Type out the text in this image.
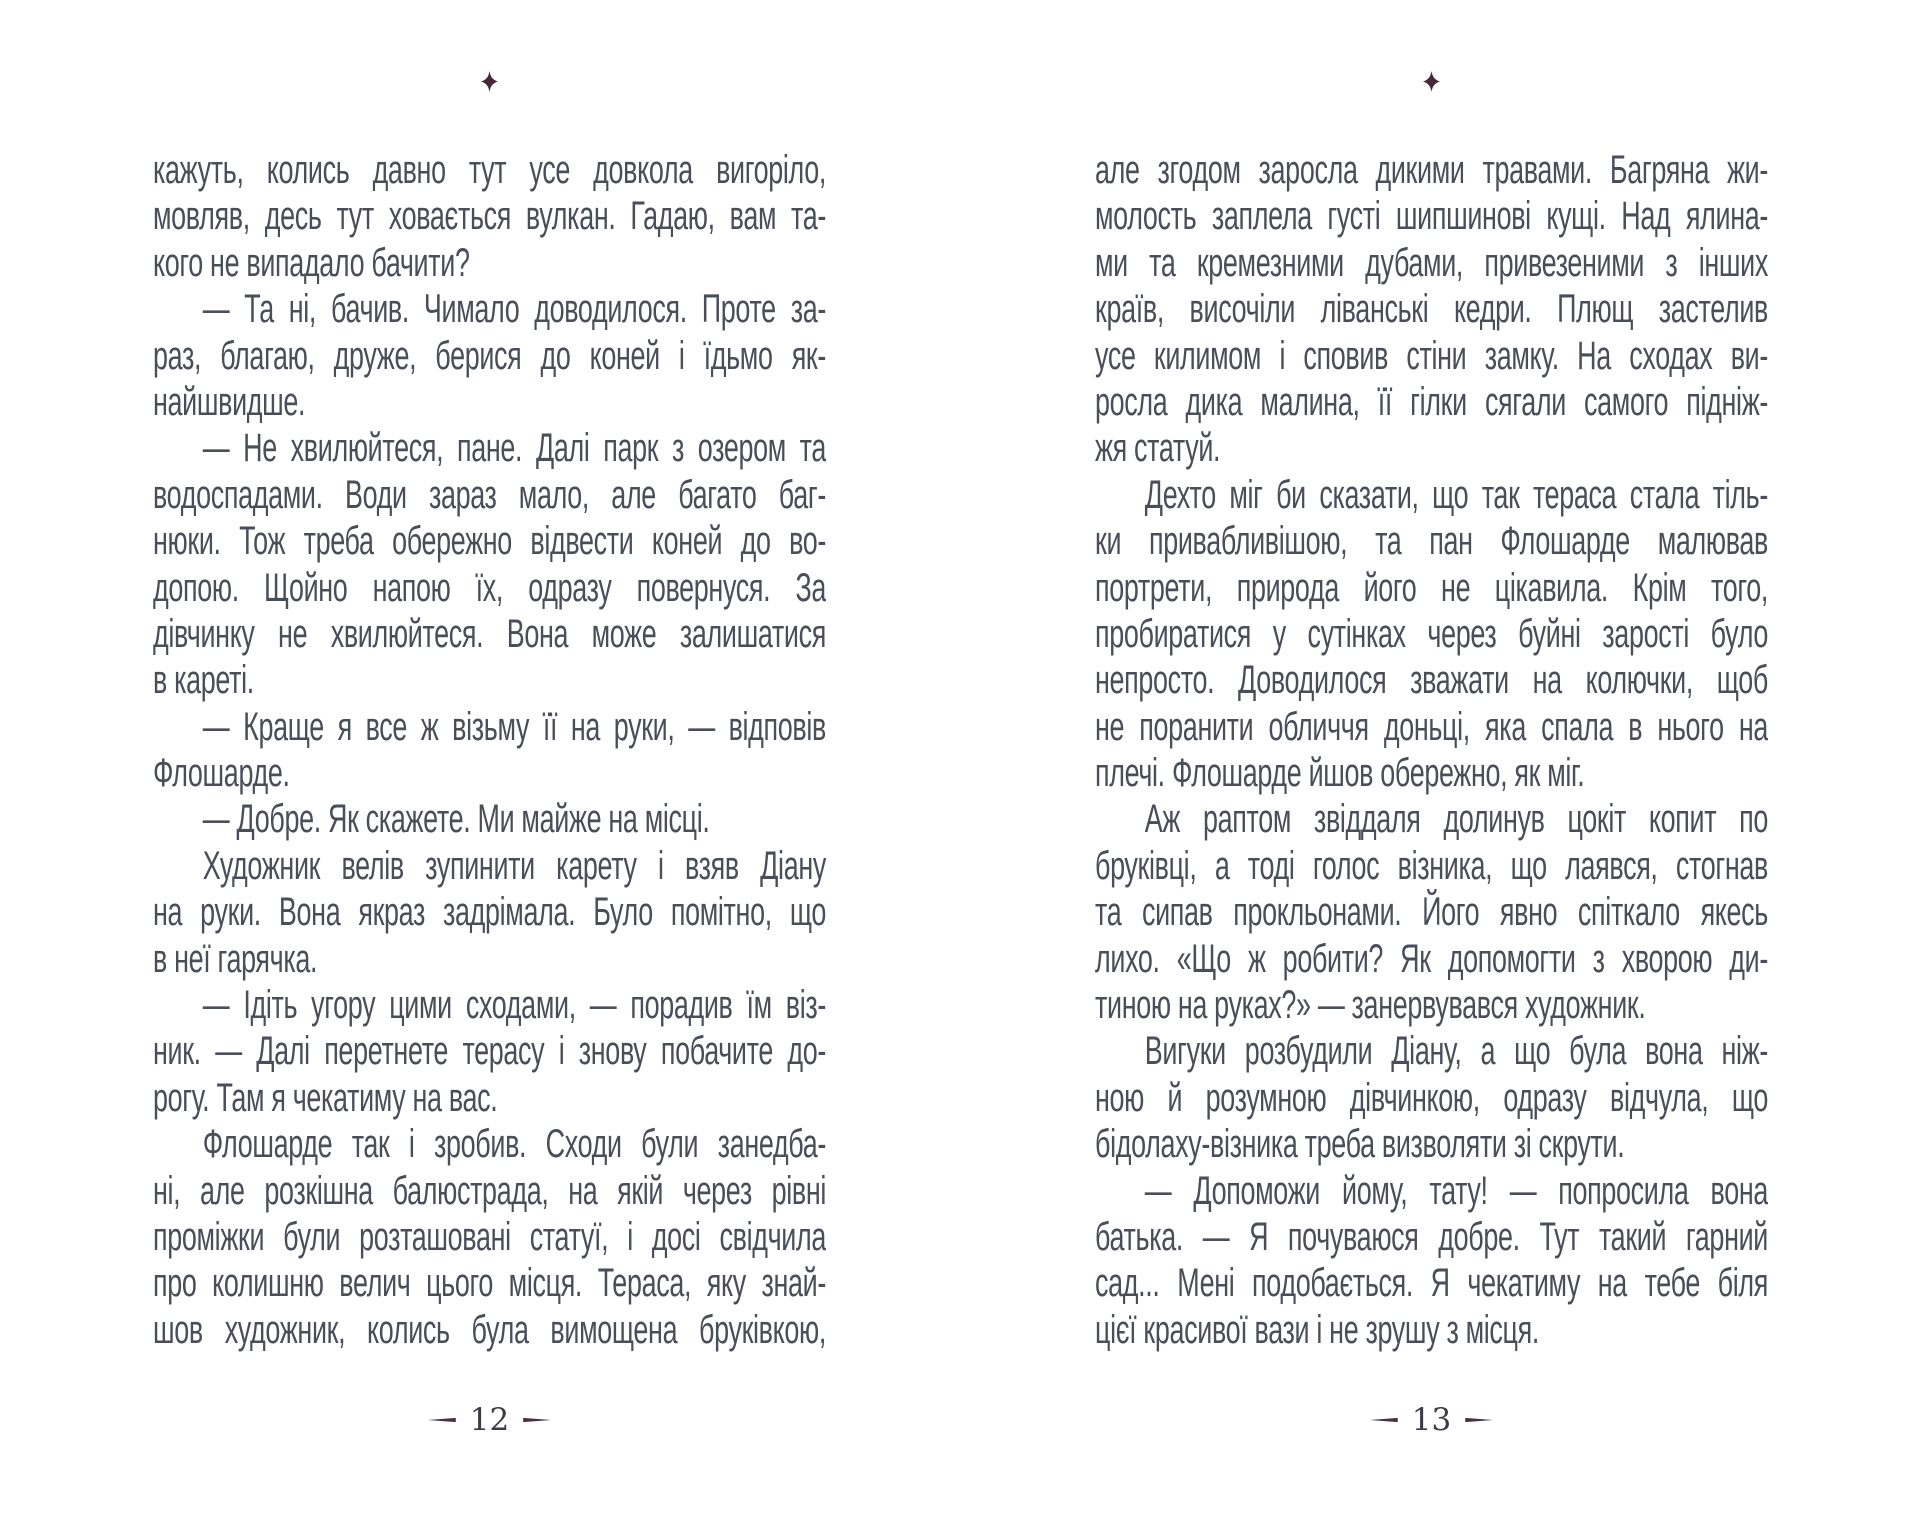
кажуть, колись давно тут усе довкола вигоріло,
мовляв, десь тут ховається вулкан. Гадаю, вам та-
кого не випадало бачити?
— Та ні, бачив. Чимало доводилося. Проте за-
раз, благаю, друже, берися до коней і їдьмо як-
найшвидше.
— Не хвилюйтеся, пане. Далі парк з озером та
водоспадами. Води зараз мало, але багато баг-
нюки. Тож треба обережно відвести коней до во-
допою. Щойно напою їх, одразу повернуся. За
дівчинку не хвилюйтеся. Вона може залишатися
в кареті.
— Краще я все ж візьму її на руки, — відповів
Флошарде.
— Добре. Як скажете. Ми майже на місці.
Художник велів зупинити карету і взяв Діану
на руки. Вона якраз задрімала. Було помітно, що
в неї гарячка.
— Ідіть угору цими сходами, — порадив їм віз-
ник. — Далі перетнете терасу і знову побачите до-
рогу. Там я чекатиму на вас.
Флошарде так і зробив. Сходи були занедба-
ні, але розкішна балюстрада, на якій через рівні
проміжки були розташовані статуї, і досі свідчила
про колишню велич цього місця. Тераса, яку знай-
шов художник, колись була вимощена бруківкою,
12
але згодом заросла дикими травами. Багряна жи-
молость заплела густі шипшинові кущі. Над ялина-
ми та кремезними дубами, привезеними з інших
країв, височіли ліванські кедри. Плющ застелив
усе килимом і сповив стіни замку. На сходах ви-
росла дика малина, її гілки сягали самого підніж-
жя статуй.
Дехто міг би сказати, що так тераса стала тіль-
ки привабливішою, та пан Флошарде малював
портрети, природа його не цікавила. Крім того,
пробиратися у сутінках через буйні зарості було
непросто. Доводилося зважати на колючки, щоб
не поранити обличчя доньці, яка спала в нього на
плечі. Флошарде йшов обережно, як міг.
Аж раптом звіддаля долинув цокіт копит по
бруківці, а тоді голос візника, що лаявся, стогнав
та сипав прокльонами. Його явно спіткало якесь
лихо. «Що ж робити? Як допомогти з хворою ди-
тиною на руках?» — занервувався художник.
Вигуки розбудили Діану, а що була вона ніж-
ною й розумною дівчинкою, одразу відчула, що
бідолаху-візника треба визволяти зі скрути.
— Допоможи йому, тату! — попросила вона
батька. — Я почуваюся добре. Тут такий гарний
сад... Мені подобається. Я чекатиму на тебе біля
цієї красивої вази і не зрушу з місця.
13
